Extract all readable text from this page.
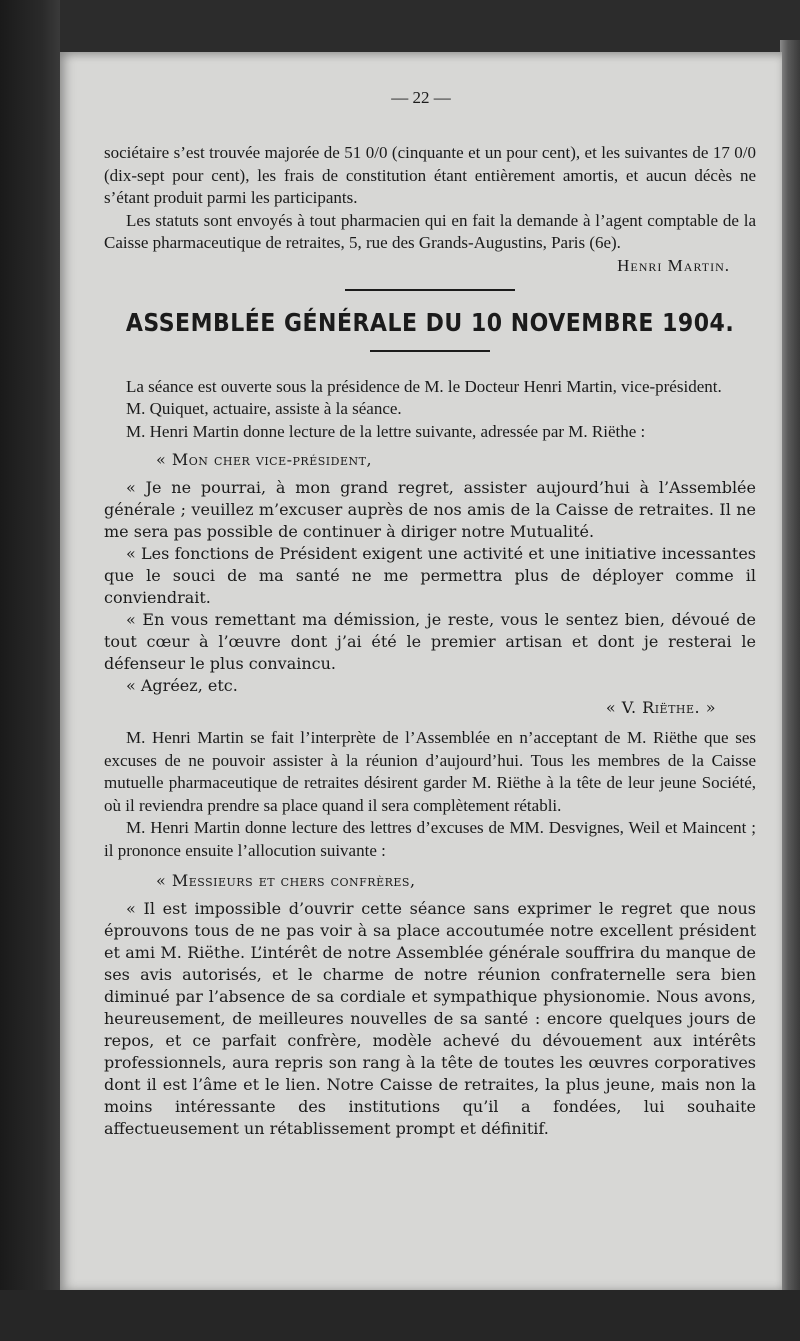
— 22 —

sociétaire s’est trouvée majorée de 51 0/0 (cinquante et un pour cent), et les suivantes de 17 0/0 (dix-sept pour cent), les frais de constitution étant entièrement amortis, et aucun décès ne s’étant produit parmi les participants.

Les statuts sont envoyés à tout pharmacien qui en fait la demande à l’agent comptable de la Caisse pharmaceutique de retraites, 5, rue des Grands-Augustins, Paris (6e).

Henri Martin.

ASSEMBLÉE GÉNÉRALE DU 10 NOVEMBRE 1904.

La séance est ouverte sous la présidence de M. le Docteur Henri Martin, vice-président.

M. Quiquet, actuaire, assiste à la séance.

M. Henri Martin donne lecture de la lettre suivante, adressée par M. Riëthe :

« Mon cher vice-président,

« Je ne pourrai, à mon grand regret, assister aujourd’hui à l’Assemblée générale ; veuillez m’excuser auprès de nos amis de la Caisse de retraites. Il ne me sera pas possible de continuer à diriger notre Mutualité.

« Les fonctions de Président exigent une activité et une initiative incessantes que le souci de ma santé ne me permettra plus de déployer comme il conviendrait.

« En vous remettant ma démission, je reste, vous le sentez bien, dévoué de tout cœur à l’œuvre dont j’ai été le premier artisan et dont je resterai le défenseur le plus convaincu.

« Agréez, etc.

« V. Riëthe. »

M. Henri Martin se fait l’interprète de l’Assemblée en n’acceptant de M. Riëthe que ses excuses de ne pouvoir assister à la réunion d’aujourd’hui. Tous les membres de la Caisse mutuelle pharmaceutique de retraites désirent garder M. Riëthe à la tête de leur jeune Société, où il reviendra prendre sa place quand il sera complètement rétabli.

M. Henri Martin donne lecture des lettres d’excuses de MM. Desvignes, Weil et Maincent ; il prononce ensuite l’allocution suivante :

« Messieurs et chers confrères,

« Il est impossible d’ouvrir cette séance sans exprimer le regret que nous éprouvons tous de ne pas voir à sa place accoutumée notre excellent président et ami M. Riëthe. L’intérêt de notre Assemblée générale souffrira du manque de ses avis autorisés, et le charme de notre réunion confraternelle sera bien diminué par l’absence de sa cordiale et sympathique physionomie. Nous avons, heureusement, de meilleures nouvelles de sa santé : encore quelques jours de repos, et ce parfait confrère, modèle achevé du dévouement aux intérêts professionnels, aura repris son rang à la tête de toutes les œuvres corporatives dont il est l’âme et le lien. Notre Caisse de retraites, la plus jeune, mais non la moins intéressante des institutions qu’il a fondées, lui souhaite affectueusement un rétablissement prompt et définitif.
